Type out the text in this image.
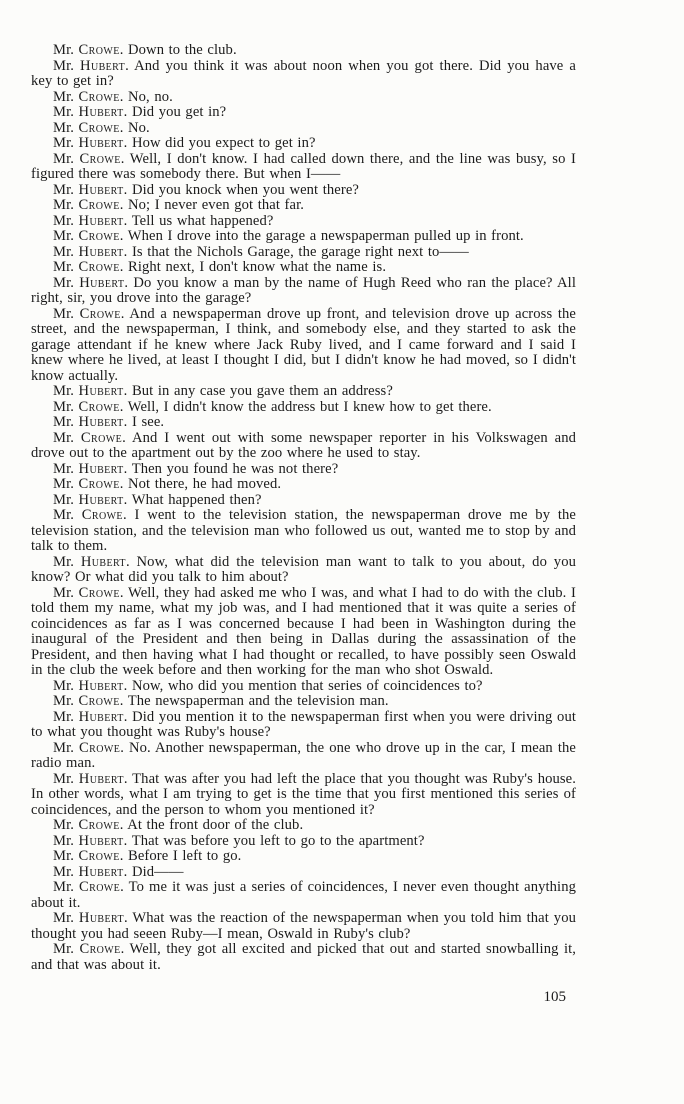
Mr. Crowe. Down to the club.

Mr. Hubert. And you think it was about noon when you got there. Did you have a key to get in?

Mr. Crowe. No, no.

Mr. Hubert. Did you get in?

Mr. Crowe. No.

Mr. Hubert. How did you expect to get in?

Mr. Crowe. Well, I don't know. I had called down there, and the line was busy, so I figured there was somebody there. But when I——

Mr. Hubert. Did you knock when you went there?

Mr. Crowe. No; I never even got that far.

Mr. Hubert. Tell us what happened?

Mr. Crowe. When I drove into the garage a newspaperman pulled up in front.

Mr. Hubert. Is that the Nichols Garage, the garage right next to——

Mr. Crowe. Right next, I don't know what the name is.

Mr. Hubert. Do you know a man by the name of Hugh Reed who ran the place? All right, sir, you drove into the garage?

Mr. Crowe. And a newspaperman drove up front, and television drove up across the street, and the newspaperman, I think, and somebody else, and they started to ask the garage attendant if he knew where Jack Ruby lived, and I came forward and I said I knew where he lived, at least I thought I did, but I didn't know he had moved, so I didn't know actually.

Mr. Hubert. But in any case you gave them an address?

Mr. Crowe. Well, I didn't know the address but I knew how to get there.

Mr. Hubert. I see.

Mr. Crowe. And I went out with some newspaper reporter in his Volkswagen and drove out to the apartment out by the zoo where he used to stay.

Mr. Hubert. Then you found he was not there?

Mr. Crowe. Not there, he had moved.

Mr. Hubert. What happened then?

Mr. Crowe. I went to the television station, the newspaperman drove me by the television station, and the television man who followed us out, wanted me to stop by and talk to them.

Mr. Hubert. Now, what did the television man want to talk to you about, do you know? Or what did you talk to him about?

Mr. Crowe. Well, they had asked me who I was, and what I had to do with the club. I told them my name, what my job was, and I had mentioned that it was quite a series of coincidences as far as I was concerned because I had been in Washington during the inaugural of the President and then being in Dallas during the assassination of the President, and then having what I had thought or recalled, to have possibly seen Oswald in the club the week before and then working for the man who shot Oswald.

Mr. Hubert. Now, who did you mention that series of coincidences to?

Mr. Crowe. The newspaperman and the television man.

Mr. Hubert. Did you mention it to the newspaperman first when you were driving out to what you thought was Ruby's house?

Mr. Crowe. No. Another newspaperman, the one who drove up in the car, I mean the radio man.

Mr. Hubert. That was after you had left the place that you thought was Ruby's house. In other words, what I am trying to get is the time that you first mentioned this series of coincidences, and the person to whom you mentioned it?

Mr. Crowe. At the front door of the club.

Mr. Hubert. That was before you left to go to the apartment?

Mr. Crowe. Before I left to go.

Mr. Hubert. Did——

Mr. Crowe. To me it was just a series of coincidences, I never even thought anything about it.

Mr. Hubert. What was the reaction of the newspaperman when you told him that you thought you had seeen Ruby—I mean, Oswald in Ruby's club?

Mr. Crowe. Well, they got all excited and picked that out and started snowballing it, and that was about it.

105
